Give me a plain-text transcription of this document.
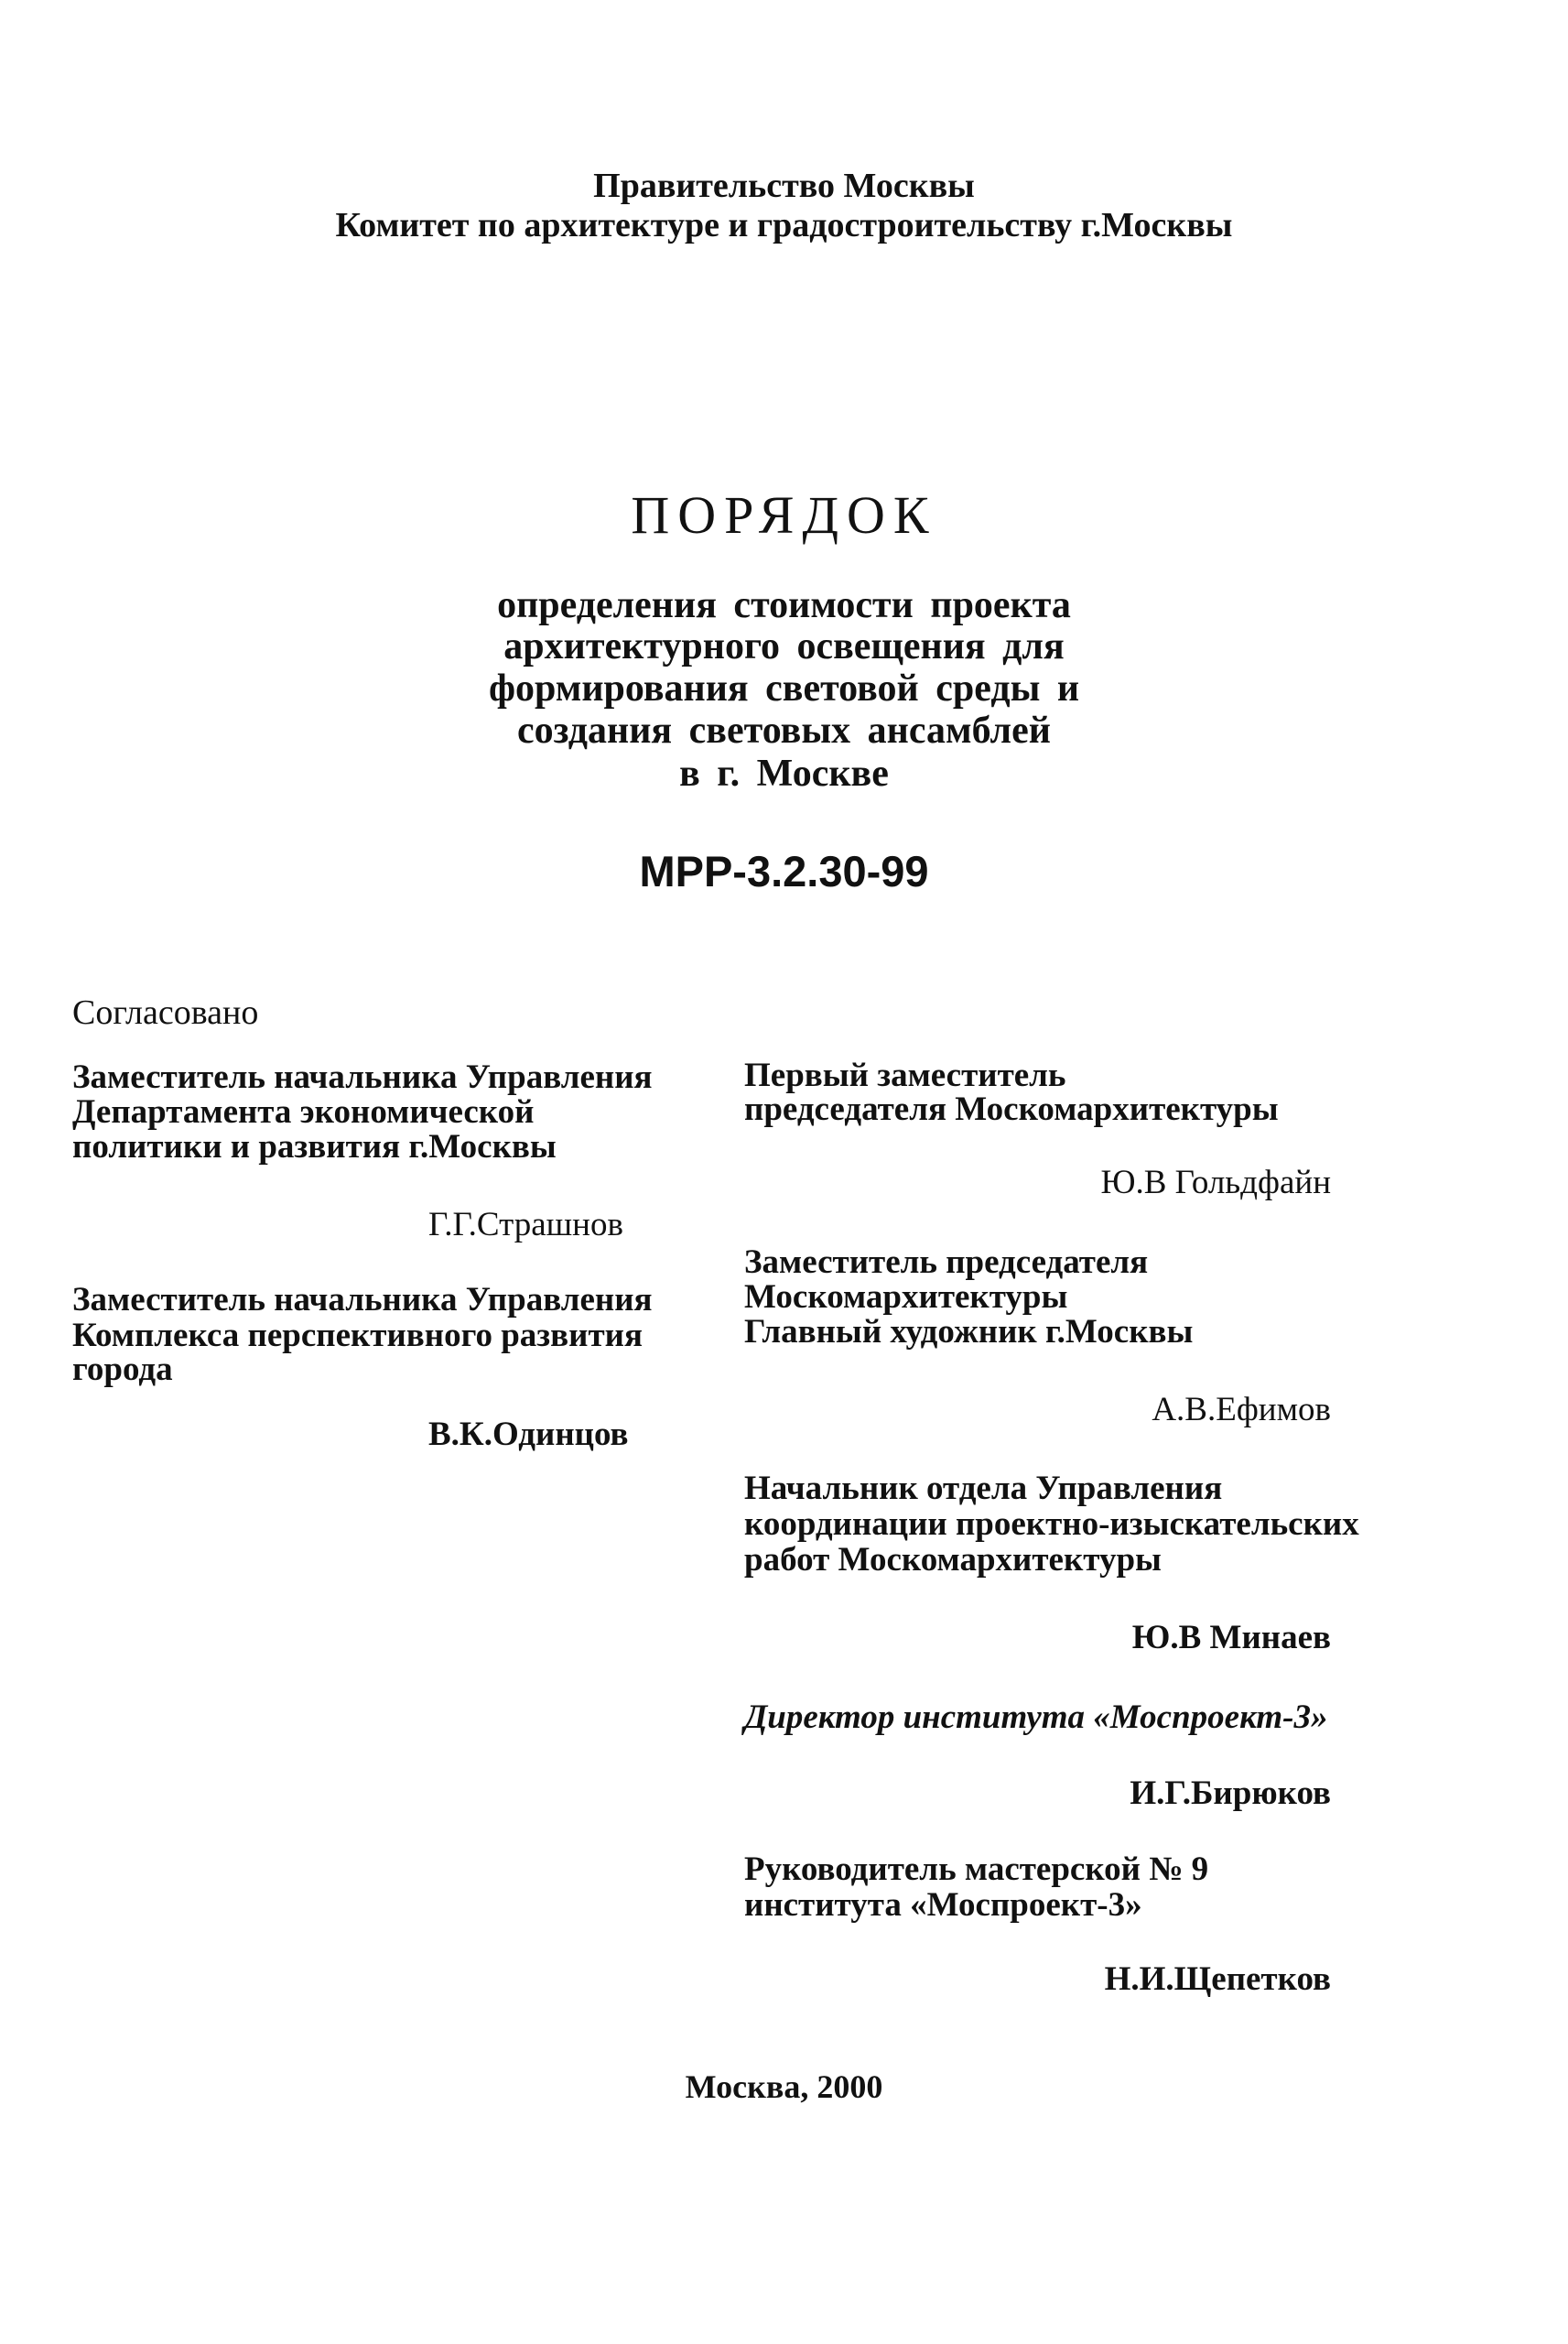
Правительство Москвы
Комитет по архитектуре и градостроительству г.Москвы
ПОРЯДОК
определения стоимости проекта
архитектурного освещения для
формирования световой среды и
создания световых ансамблей
в г. Москве
МРР-3.2.30-99
Согласовано
Заместитель начальника Управления
Департамента экономической
политики и развития г.Москвы
Г.Г.Страшнов
Заместитель начальника Управления
Комплекса перспективного развития
города
В.К.Одинцов
Первый заместитель
председателя Москомархитектуры
Ю.В Гольдфайн
Заместитель председателя
Москомархитектуры
Главный художник г.Москвы
А.В.Ефимов
Начальник отдела Управления
координации проектно-изыскательских
работ Москомархитектуры
Ю.В Минаев
Директор института «Моспроект-3»
И.Г.Бирюков
Руководитель мастерской № 9
института «Моспроект-3»
Н.И.Щепетков
Москва, 2000
